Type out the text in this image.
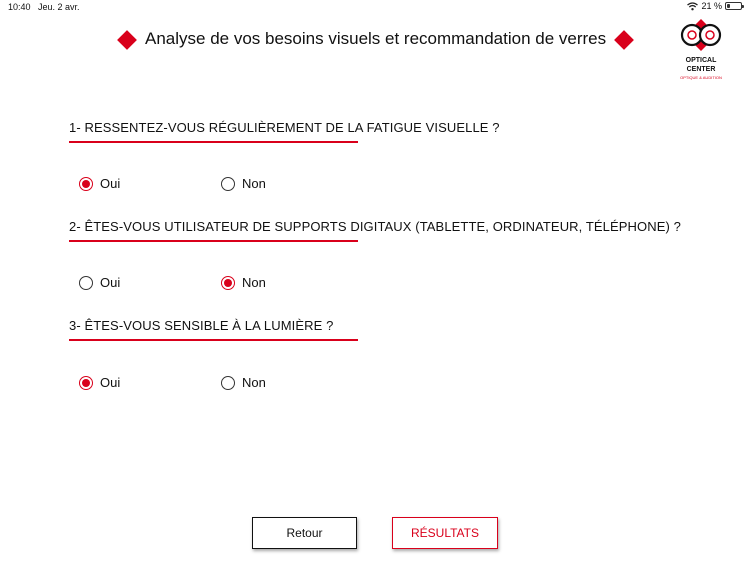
10:40 Jeu. 2 avr.	21 %
Analyse de vos besoins visuels et recommandation de verres
OPTICAL
CENTER
OPTIQUE & AUDITION
1- RESSENTEZ-VOUS RÉGULIÈREMENT DE LA FATIGUE VISUELLE ?
Oui	Non
2- ÊTES-VOUS UTILISATEUR DE SUPPORTS DIGITAUX (TABLETTE, ORDINATEUR, TÉLÉPHONE) ?
Oui	Non
3- ÊTES-VOUS SENSIBLE À LA LUMIÈRE ?
Oui	Non
Retour	RÉSULTATS
